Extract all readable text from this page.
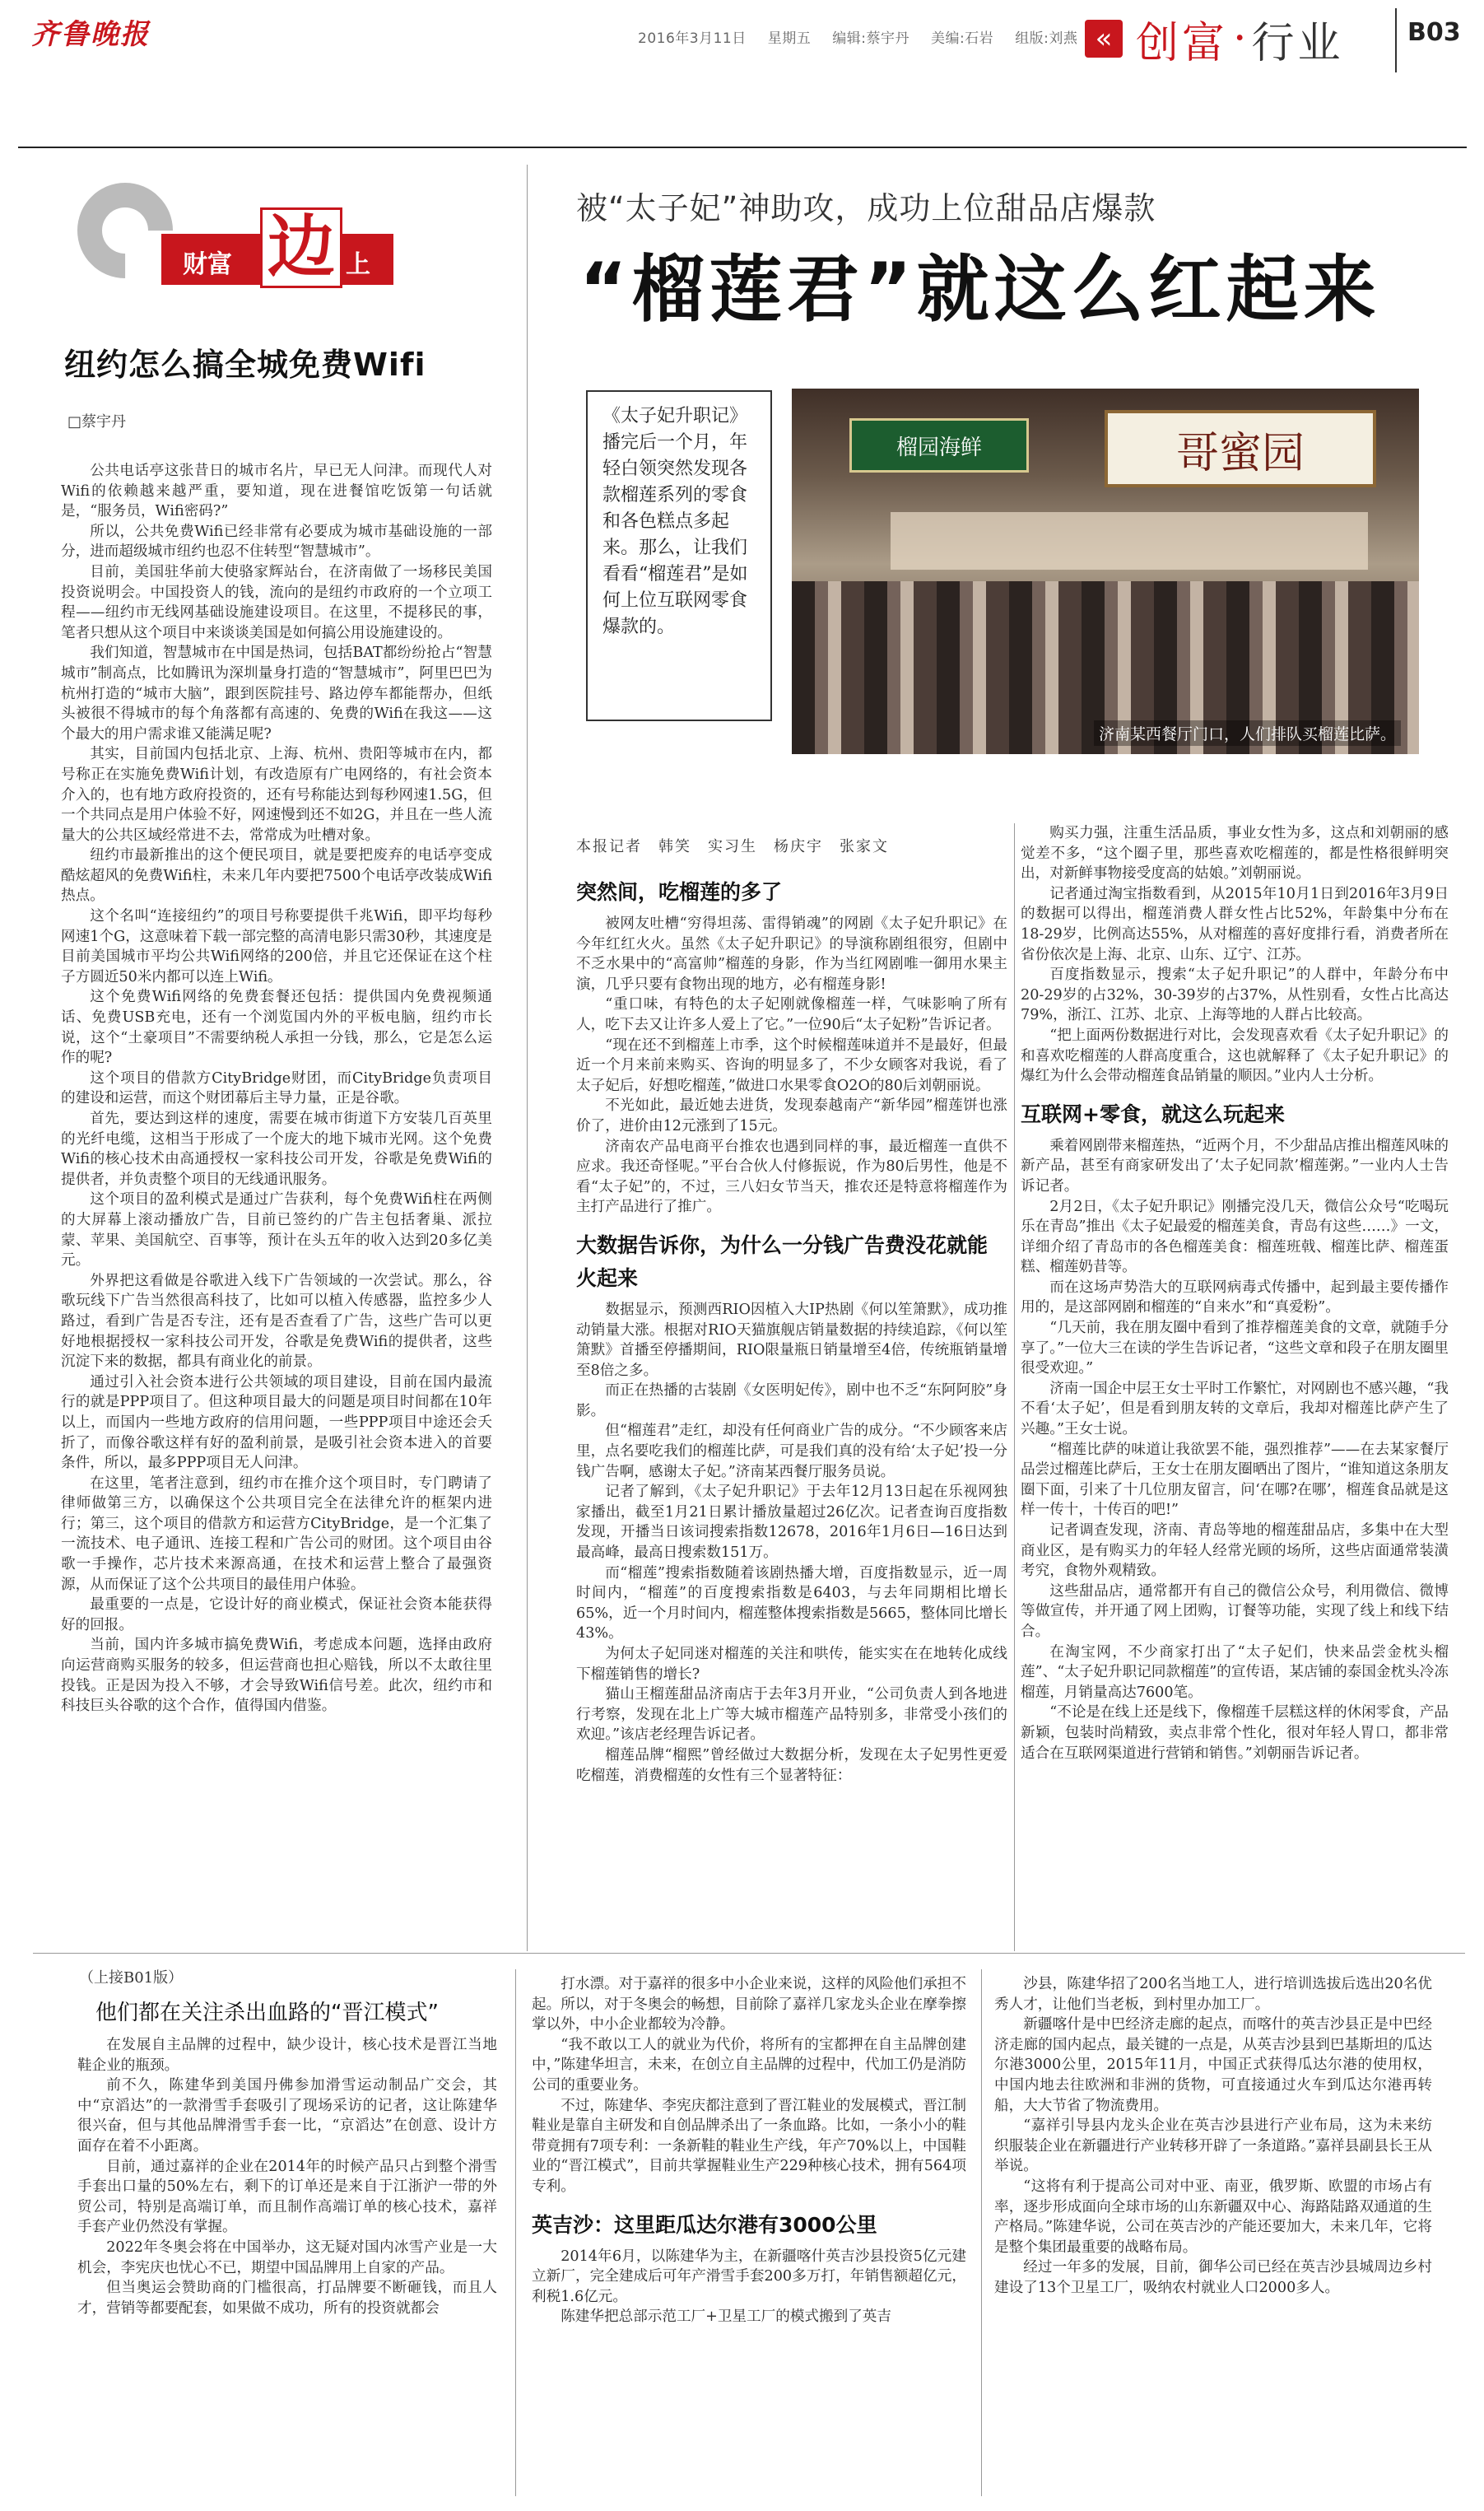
齐鲁晚报	2016年3月11日 星期五 编辑:蔡宇丹 美编:石岩 组版:刘燕 « 创富 · 行业	B03
财富 边 上
纽约怎么搞全城免费Wifi
□蔡宇丹

公共电话亭这张昔日的城市名片，早已无人问津。而现代人对Wifi的依赖越来越严重，要知道，现在进餐馆吃饭第一句话就是，“服务员，Wifi密码?”

所以，公共免费Wifi已经非常有必要成为城市基础设施的一部分，进而超级城市纽约也忍不住转型“智慧城市”。

目前，美国驻华前大使骆家辉站台，在济南做了一场移民美国投资说明会。中国投资人的钱，流向的是纽约市政府的一个立项工程——纽约市无线网基础设施建设项目。在这里，不提移民的事，笔者只想从这个项目中来谈谈美国是如何搞公用设施建设的。

我们知道，智慧城市在中国是热词，包括BAT都纷纷抢占“智慧城市”制高点，比如腾讯为深圳量身打造的“智慧城市”，阿里巴巴为杭州打造的“城市大脑”，跟到医院挂号、路边停车都能帮办，但纸头被很不得城市的每个角落都有高速的、免费的Wifi在我这——这个最大的用户需求谁又能满足呢?

其实，目前国内包括北京、上海、杭州、贵阳等城市在内，都号称正在实施免费Wifi计划，有改造原有广电网络的，有社会资本介入的，也有地方政府投资的，还有号称能达到每秒网速1.5G，但一个共同点是用户体验不好，网速慢到还不如2G，并且在一些人流量大的公共区域经常进不去，常常成为吐槽对象。

纽约市最新推出的这个便民项目，就是要把废弃的电话亭变成酷炫超风的免费Wifi柱，未来几年内要把7500个电话亭改装成Wifi热点。

这个名叫“连接纽约”的项目号称要提供千兆Wifi，即平均每秒网速1个G，这意味着下载一部完整的高清电影只需30秒，其速度是目前美国城市平均公共Wifi网络的200倍，并且它还保证在这个柱子方圆近50米内都可以连上Wifi。

这个免费Wifi网络的免费套餐还包括：提供国内免费视频通话、免费USB充电，还有一个浏览国内外的平板电脑，纽约市长说，这个“土豪项目”不需要纳税人承担一分钱，那么，它是怎么运作的呢?

这个项目的借款方CityBridge财团，而CityBridge负责项目的建设和运营，而这个财团幕后主导力量，正是谷歌。

首先，要达到这样的速度，需要在城市街道下方安装几百英里的光纤电缆，这相当于形成了一个庞大的地下城市光网。这个免费Wifi的核心技术由高通授权一家科技公司开发，谷歌是免费Wifi的提供者，并负责整个项目的无线通讯服务。

这个项目的盈利模式是通过广告获利，每个免费Wifi柱在两侧的大屏幕上滚动播放广告，目前已签约的广告主包括奢巢、派拉蒙、苹果、美国航空、百事等，预计在头五年的收入达到20多亿美元。

外界把这看做是谷歌进入线下广告领域的一次尝试。那么，谷歌玩线下广告当然很高科技了，比如可以植入传感器，监控多少人路过，看到广告是否专注，还有是否查看了广告，这些广告可以更好地根据授权一家科技公司开发，谷歌是免费Wifi的提供者，这些沉淀下来的数据，都具有商业化的前景。

通过引入社会资本进行公共领域的项目建设，目前在国内最流行的就是PPP项目了。但这种项目最大的问题是项目时间都在10年以上，而国内一些地方政府的信用问题，一些PPP项目中途还会夭折了，而像谷歌这样有好的盈利前景，是吸引社会资本进入的首要条件，所以，最多PPP项目无人问津。

在这里，笔者注意到，纽约市在推介这个项目时，专门聘请了律师做第三方，以确保这个公共项目完全在法律允许的框架内进行；第三，这个项目的借款方和运营方CityBridge，是一个汇集了一流技术、电子通讯、连接工程和广告公司的财团。这个项目由谷歌一手操作，芯片技术来源高通，在技术和运营上整合了最强资源，从而保证了这个公共项目的最佳用户体验。

最重要的一点是，它设计好的商业模式，保证社会资本能获得好的回报。

当前，国内许多城市搞免费Wifi，考虑成本问题，选择由政府向运营商购买服务的较多，但运营商也担心赔钱，所以不太敢往里投钱。正是因为投入不够，才会导致Wifi信号差。此次，纽约市和科技巨头谷歌的这个合作，值得国内借鉴。

被“太子妃”神助攻，成功上位甜品店爆款
“榴莲君”就这么红起来

《太子妃升职记》播完后一个月，年轻白领突然发现各款榴莲系列的零食和各色糕点多起来。那么，让我们看看“榴莲君”是如何上位互联网零食爆款的。

榴园海鲜	哥蜜园
济南某西餐厅门口，人们排队买榴莲比萨。
本报记者　韩笑　实习生　杨庆宇　张家文
突然间，吃榴莲的多了

被网友吐槽“穷得坦荡、雷得销魂”的网剧《太子妃升职记》在今年红红火火。虽然《太子妃升职记》的导演称剧组很穷，但剧中不乏水果中的“高富帅”榴莲的身影，作为当红网剧唯一御用水果主演，几乎只要有食物出现的地方，必有榴莲身影!

“重口味，有特色的太子妃刚就像榴莲一样，气味影响了所有人，吃下去又让许多人爱上了它。”一位90后“太子妃粉”告诉记者。

“现在还不到榴莲上市季，这个时候榴莲味道并不是最好，但最近一个月来前来购买、咨询的明显多了，不少女顾客对我说，看了太子妃后，好想吃榴莲，”做进口水果零食O2O的80后刘朝丽说。

不光如此，最近她去进货，发现泰越南产“新华园”榴莲饼也涨价了，进价由12元涨到了15元。

济南农产品电商平台推农也遇到同样的事，最近榴莲一直供不应求。我还奇怪呢。”平台合伙人付修振说，作为80后男性，他是不看“太子妃”的，不过，三八妇女节当天，推农还是特意将榴莲作为主打产品进行了推广。

大数据告诉你，为什么一分钱广告费没花就能火起来

数据显示，预测西RIO因植入大IP热剧《何以笙箫默》，成功推动销量大涨。根据对RIO天猫旗舰店销量数据的持续追踪，《何以笙箫默》首播至停播期间，RIO限量瓶日销量增至4倍，传统瓶销量增至8倍之多。

而正在热播的古装剧《女医明妃传》，剧中也不乏“东阿阿胶”身影。

但“榴莲君”走红，却没有任何商业广告的成分。“不少顾客来店里，点名要吃我们的榴莲比萨，可是我们真的没有给‘太子妃’投一分钱广告啊，感谢太子妃。”济南某西餐厅服务员说。

记者了解到，《太子妃升职记》于去年12月13日起在乐视网独家播出，截至1月21日累计播放量超过26亿次。记者查询百度指数发现，开播当日该词搜索指数12678，2016年1月6日—16日达到最高峰，最高日搜索数151万。

而“榴莲”搜索指数随着该剧热播大增，百度指数显示，近一周时间内，“榴莲”的百度搜索指数是6403，与去年同期相比增长65%，近一个月时间内，榴莲整体搜索指数是5665，整体同比增长43%。

为何太子妃同迷对榴莲的关注和哄传，能实实在在地转化成线下榴莲销售的增长?

猫山王榴莲甜品济南店于去年3月开业，“公司负责人到各地进行考察，发现在北上广等大城市榴莲产品特别多，非常受小孩们的欢迎。”该店老经理告诉记者。

榴莲品牌“榴熙”曾经做过大数据分析，发现在太子妃男性更爱吃榴莲，消费榴莲的女性有三个显著特征：

购买力强，注重生活品质，事业女性为多，这点和刘朝丽的感觉差不多，“这个圈子里，那些喜欢吃榴莲的，都是性格很鲜明突出，对新鲜事物接受度高的姑娘。”刘朝丽说。

记者通过淘宝指数看到，从2015年10月1日到2016年3月9日的数据可以得出，榴莲消费人群女性占比52%，年龄集中分布在18-29岁，比例高达55%，从对榴莲的喜好度排行看，消费者所在省份依次是上海、北京、山东、辽宁、江苏。

百度指数显示，搜索“太子妃升职记”的人群中，年龄分布中20-29岁的占32%，30-39岁的占37%，从性别看，女性占比高达79%，浙江、江苏、北京、上海等地的人群占比较高。

“把上面两份数据进行对比，会发现喜欢看《太子妃升职记》的和喜欢吃榴莲的人群高度重合，这也就解释了《太子妃升职记》的爆红为什么会带动榴莲食品销量的顺因。”业内人士分析。

互联网+零食，就这么玩起来

乘着网剧带来榴莲热，“近两个月，不少甜品店推出榴莲风味的新产品，甚至有商家研发出了‘太子妃同款’榴莲粥。”一业内人士告诉记者。

2月2日，《太子妃升职记》刚播完没几天，微信公众号“吃喝玩乐在青岛”推出《太子妃最爱的榴莲美食，青岛有这些……》一文，详细介绍了青岛市的各色榴莲美食：榴莲班戟、榴莲比萨、榴莲蛋糕、榴莲奶昔等。

而在这场声势浩大的互联网病毒式传播中，起到最主要传播作用的，是这部网剧和榴莲的“自来水”和“真爱粉”。

“几天前，我在朋友圈中看到了推荐榴莲美食的文章，就随手分享了。”一位大三在读的学生告诉记者，“这些文章和段子在朋友圈里很受欢迎。”

济南一国企中层王女士平时工作繁忙，对网剧也不感兴趣，“我不看‘太子妃’，但是看到朋友转的文章后，我却对榴莲比萨产生了兴趣。”王女士说。

“榴莲比萨的味道让我欲罢不能，强烈推荐”——在去某家餐厅品尝过榴莲比萨后，王女士在朋友圈晒出了图片，“谁知道这条朋友圈下面，引来了十几位朋友留言，问‘在哪?在哪’，榴莲食品就是这样一传十，十传百的吧!”

记者调查发现，济南、青岛等地的榴莲甜品店，多集中在大型商业区，是有购买力的年轻人经常光顾的场所，这些店面通常装潢考究，食物外观精致。

这些甜品店，通常都开有自己的微信公众号，利用微信、微博等做宣传，并开通了网上团购，订餐等功能，实现了线上和线下结合。

在淘宝网，不少商家打出了“太子妃们，快来品尝金枕头榴莲”、“太子妃升职记同款榴莲”的宣传语，某店铺的泰国金枕头冷冻榴莲，月销量高达7600笔。

“不论是在线上还是线下，像榴莲千层糕这样的休闲零食，产品新颖，包装时尚精致，卖点非常个性化，很对年轻人胃口，都非常适合在互联网渠道进行营销和销售。”刘朝丽告诉记者。

（上接B01版）
他们都在关注杀出血路的“晋江模式”

在发展自主品牌的过程中，缺少设计，核心技术是晋江当地鞋企业的瓶颈。

前不久，陈建华到美国丹佛参加滑雪运动制品广交会，其中“京滔达”的一款滑雪手套吸引了现场采访的记者，这让陈建华很兴奋，但与其他品牌滑雪手套一比，“京滔达”在创意、设计方面存在着不小距离。

目前，通过嘉祥的企业在2014年的时候产品只占到整个滑雪手套出口量的50%左右，剩下的订单还是来自于江浙沪一带的外贸公司，特别是高端订单，而且制作高端订单的核心技术，嘉祥手套产业仍然没有掌握。

2022年冬奥会将在中国举办，这无疑对国内冰雪产业是一大机会，李宪庆也忧心不已，期望中国品牌用上自家的产品。

但当奥运会赞助商的门槛很高，打品牌要不断砸钱，而且人才，营销等都要配套，如果做不成功，所有的投资就都会

打水漂。对于嘉祥的很多中小企业来说，这样的风险他们承担不起。所以，对于冬奥会的畅想，目前除了嘉祥几家龙头企业在摩拳擦掌以外，中小企业都较为冷静。

“我不敢以工人的就业为代价，将所有的宝都押在自主品牌创建中，”陈建华坦言，未来，在创立自主品牌的过程中，代加工仍是消防公司的重要业务。

不过，陈建华、李宪庆都注意到了晋江鞋业的发展模式，晋江制鞋业是靠自主研发和自创品牌杀出了一条血路。比如，一条小小的鞋带竟拥有7项专利：一条新鞋的鞋业生产线，年产70%以上，中国鞋业的“晋江模式”，目前共掌握鞋业生产229种核心技术，拥有564项专利。

英吉沙：这里距瓜达尔港有3000公里

2014年6月，以陈建华为主，在新疆喀什英吉沙县投资5亿元建立新厂，完全建成后可年产滑雪手套200多万打，年销售额超亿元，利税1.6亿元。

陈建华把总部示范工厂+卫星工厂的模式搬到了英吉

沙县，陈建华招了200名当地工人，进行培训选拔后选出20名优秀人才，让他们当老板，到村里办加工厂。

新疆喀什是中巴经济走廊的起点，而喀什的英吉沙县正是中巴经济走廊的国内起点，最关键的一点是，从英吉沙县到巴基斯坦的瓜达尔港3000公里，2015年11月，中国正式获得瓜达尔港的使用权，中国内地去往欧洲和非洲的货物，可直接通过火车到瓜达尔港再转船，大大节省了物流费用。

“嘉祥引导县内龙头企业在英吉沙县进行产业布局，这为未来纺织服装企业在新疆进行产业转移开辟了一条道路。”嘉祥县副县长王从举说。

“这将有利于提高公司对中亚、南亚，俄罗斯、欧盟的市场占有率，逐步形成面向全球市场的山东新疆双中心、海路陆路双通道的生产格局。”陈建华说，公司在英吉沙的产能还要加大，未来几年，它将是整个集团最重要的战略布局。

经过一年多的发展，目前，御华公司已经在英吉沙县城周边乡村建设了13个卫星工厂，吸纳农村就业人口2000多人。
